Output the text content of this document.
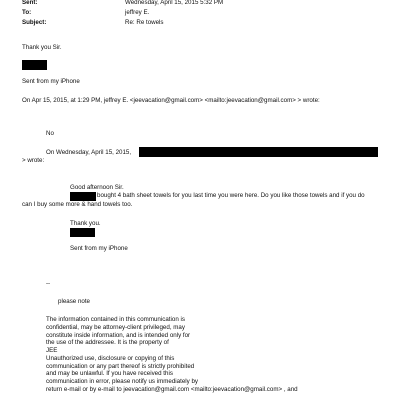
Sent:	Wednesday, April 15, 2015 5:32 PM
To:	jeffrey E.
Subject:	Re: Re towels
Thank you Sir.
Sent from my iPhone
On Apr 15, 2015, at 1:29 PM, jeffrey E. <jeevacation@gmail.com> <mailto:jeevacation@gmail.com> > wrote:
No
On Wednesday, April 15, 2015,
> wrote:
Good afternoon Sir.
bought 4 bath sheet towels for you last time you were here. Do you like those towels and if you do
can I buy some more & hand towels too.
Thank you.
Sent from my iPhone
--
please note
The information contained in this communication is
confidential, may be attorney-client privileged, may
constitute inside information, and is intended only for
the use of the addressee. It is the property of
JEE
Unauthorized use, disclosure or copying of this
communication or any part thereof is strictly prohibited
and may be unlawful. If you have received this
communication in error, please notify us immediately by
return e-mail or by e-mail to jeevacation@gmail.com <mailto:jeevacation@gmail.com> , and
